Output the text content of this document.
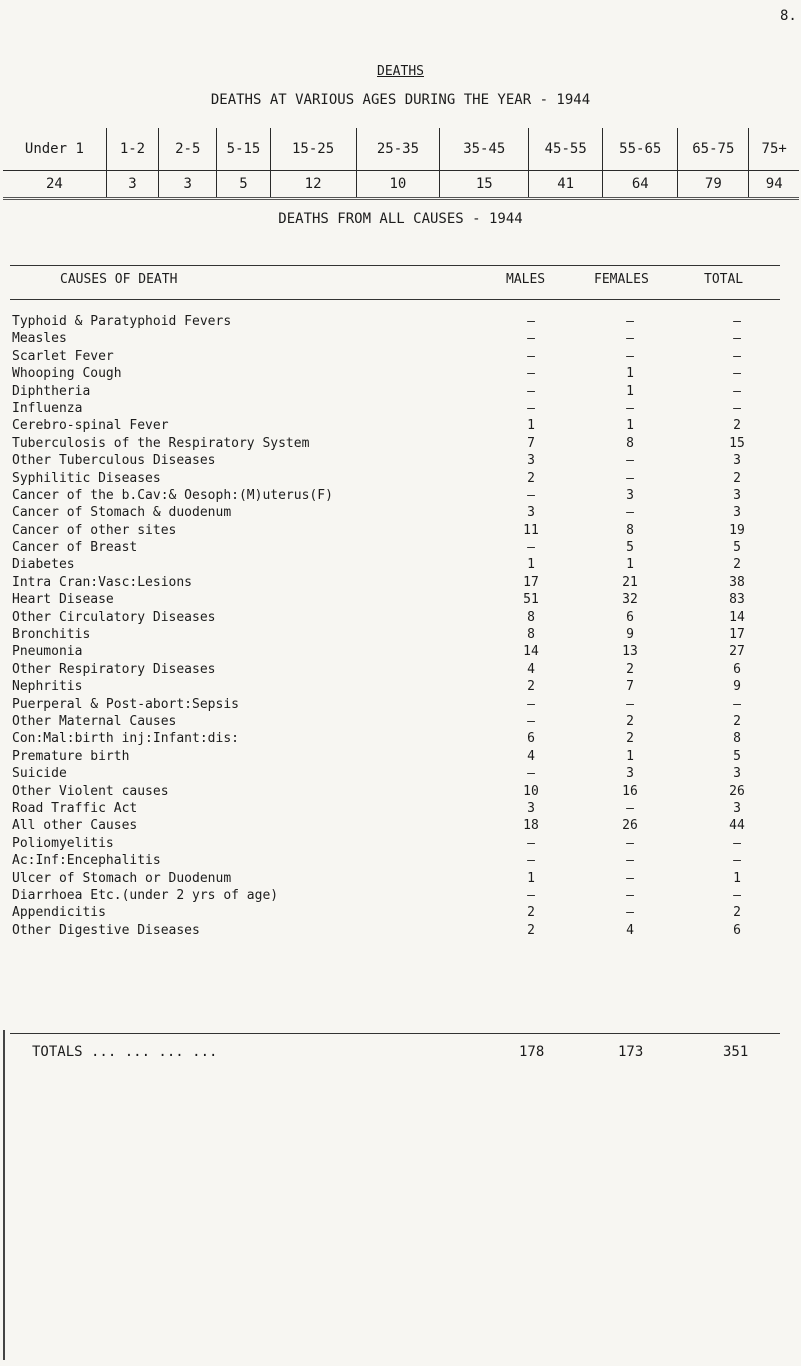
8.
DEATHS
DEATHS AT VARIOUS AGES DURING THE YEAR - 1944
Under 1	1-2	2-5	5-15	15-25	25-35	35-45	45-55	55-65	65-75	75+
24	3	3	5	12	10	15	41	64	79	94
DEATHS FROM ALL CAUSES - 1944
CAUSES OF DEATH	MALES	FEMALES	TOTAL
Typhoid & Paratyphoid Fevers	–	–	–
Measles	–	–	–
Scarlet Fever	–	–	–
Whooping Cough	–	1	–
Diphtheria	–	1	–
Influenza	–	–	–
Cerebro-spinal Fever	1	1	2
Tuberculosis of the Respiratory System	7	8	15
Other Tuberculous Diseases	3	–	3
Syphilitic Diseases	2	–	2
Cancer of the b.Cav:& Oesoph:(M)uterus(F)	–	3	3
Cancer of Stomach & duodenum	3	–	3
Cancer of other sites	11	8	19
Cancer of Breast	–	5	5
Diabetes	1	1	2
Intra Cran:Vasc:Lesions	17	21	38
Heart Disease	51	32	83
Other Circulatory Diseases	8	6	14
Bronchitis	8	9	17
Pneumonia	14	13	27
Other Respiratory Diseases	4	2	6
Nephritis	2	7	9
Puerperal & Post-abort:Sepsis	–	–	–
Other Maternal Causes	–	2	2
Con:Mal:birth inj:Infant:dis:	6	2	8
Premature birth	4	1	5
Suicide	–	3	3
Other Violent causes	10	16	26
Road Traffic Act	3	–	3
All other Causes	18	26	44
Poliomyelitis	–	–	–
Ac:Inf:Encephalitis	–	–	–
Ulcer of Stomach or Duodenum	1	–	1
Diarrhoea Etc.(under 2 yrs of age)	–	–	–
Appendicitis	2	–	2
Other Digestive Diseases	2	4	6
TOTALS ... ... ... ...	178	173	351
